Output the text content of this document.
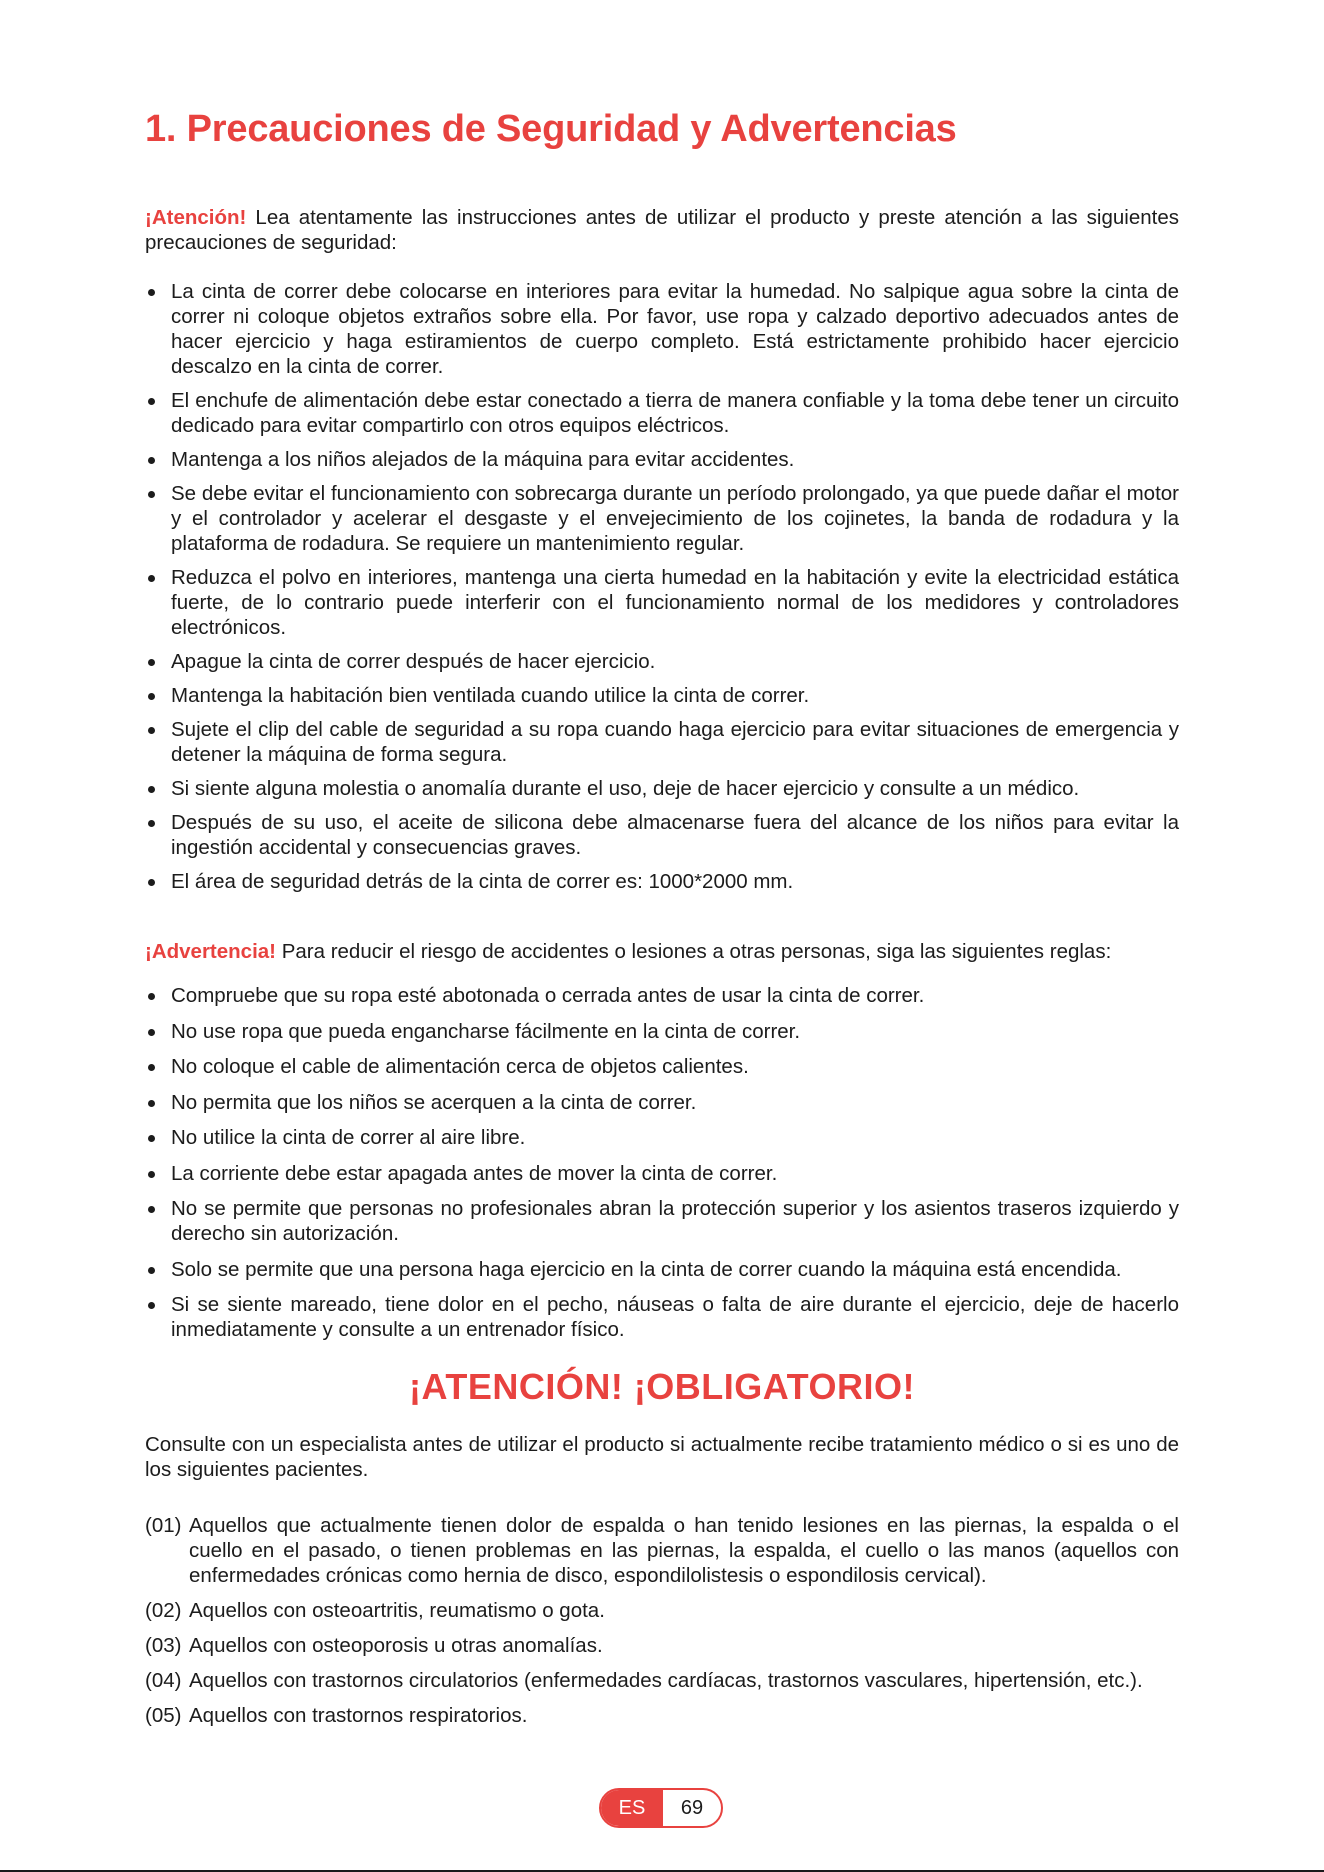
1. Precauciones de Seguridad y Advertencias

¡Atención! Lea atentamente las instrucciones antes de utilizar el producto y preste atención a las siguientes precauciones de seguridad:

La cinta de correr debe colocarse en interiores para evitar la humedad. No salpique agua sobre la cinta de correr ni coloque objetos extraños sobre ella. Por favor, use ropa y calzado deportivo adecuados antes de hacer ejercicio y haga estiramientos de cuerpo completo. Está estrictamente prohibido hacer ejercicio descalzo en la cinta de correr.
El enchufe de alimentación debe estar conectado a tierra de manera confiable y la toma debe tener un circuito dedicado para evitar compartirlo con otros equipos eléctricos.
Mantenga a los niños alejados de la máquina para evitar accidentes.
Se debe evitar el funcionamiento con sobrecarga durante un período prolongado, ya que puede dañar el motor y el controlador y acelerar el desgaste y el envejecimiento de los cojinetes, la banda de rodadura y la plataforma de rodadura. Se requiere un mantenimiento regular.
Reduzca el polvo en interiores, mantenga una cierta humedad en la habitación y evite la electricidad estática fuerte, de lo contrario puede interferir con el funcionamiento normal de los medidores y controladores electrónicos.
Apague la cinta de correr después de hacer ejercicio.
Mantenga la habitación bien ventilada cuando utilice la cinta de correr.
Sujete el clip del cable de seguridad a su ropa cuando haga ejercicio para evitar situaciones de emergencia y detener la máquina de forma segura.
Si siente alguna molestia o anomalía durante el uso, deje de hacer ejercicio y consulte a un médico.
Después de su uso, el aceite de silicona debe almacenarse fuera del alcance de los niños para evitar la ingestión accidental y consecuencias graves.
El área de seguridad detrás de la cinta de correr es: 1000*2000 mm.

¡Advertencia! Para reducir el riesgo de accidentes o lesiones a otras personas, siga las siguientes reglas:

Compruebe que su ropa esté abotonada o cerrada antes de usar la cinta de correr.
No use ropa que pueda engancharse fácilmente en la cinta de correr.
No coloque el cable de alimentación cerca de objetos calientes.
No permita que los niños se acerquen a la cinta de correr.
No utilice la cinta de correr al aire libre.
La corriente debe estar apagada antes de mover la cinta de correr.
No se permite que personas no profesionales abran la protección superior y los asientos traseros izquierdo y derecho sin autorización.
Solo se permite que una persona haga ejercicio en la cinta de correr cuando la máquina está encendida.
Si se siente mareado, tiene dolor en el pecho, náuseas o falta de aire durante el ejercicio, deje de hacerlo inmediatamente y consulte a un entrenador físico.
¡ATENCIÓN! ¡OBLIGATORIO!

Consulte con un especialista antes de utilizar el producto si actualmente recibe tratamiento médico o si es uno de los siguientes pacientes.

(01) Aquellos que actualmente tienen dolor de espalda o han tenido lesiones en las piernas, la espalda o el cuello en el pasado, o tienen problemas en las piernas, la espalda, el cuello o las manos (aquellos con enfermedades crónicas como hernia de disco, espondilolistesis o espondilosis cervical).
(02) Aquellos con osteoartritis, reumatismo o gota.
(03) Aquellos con osteoporosis u otras anomalías.
(04) Aquellos con trastornos circulatorios (enfermedades cardíacas, trastornos vasculares, hipertensión, etc.).
(05) Aquellos con trastornos respiratorios.
ES	69
